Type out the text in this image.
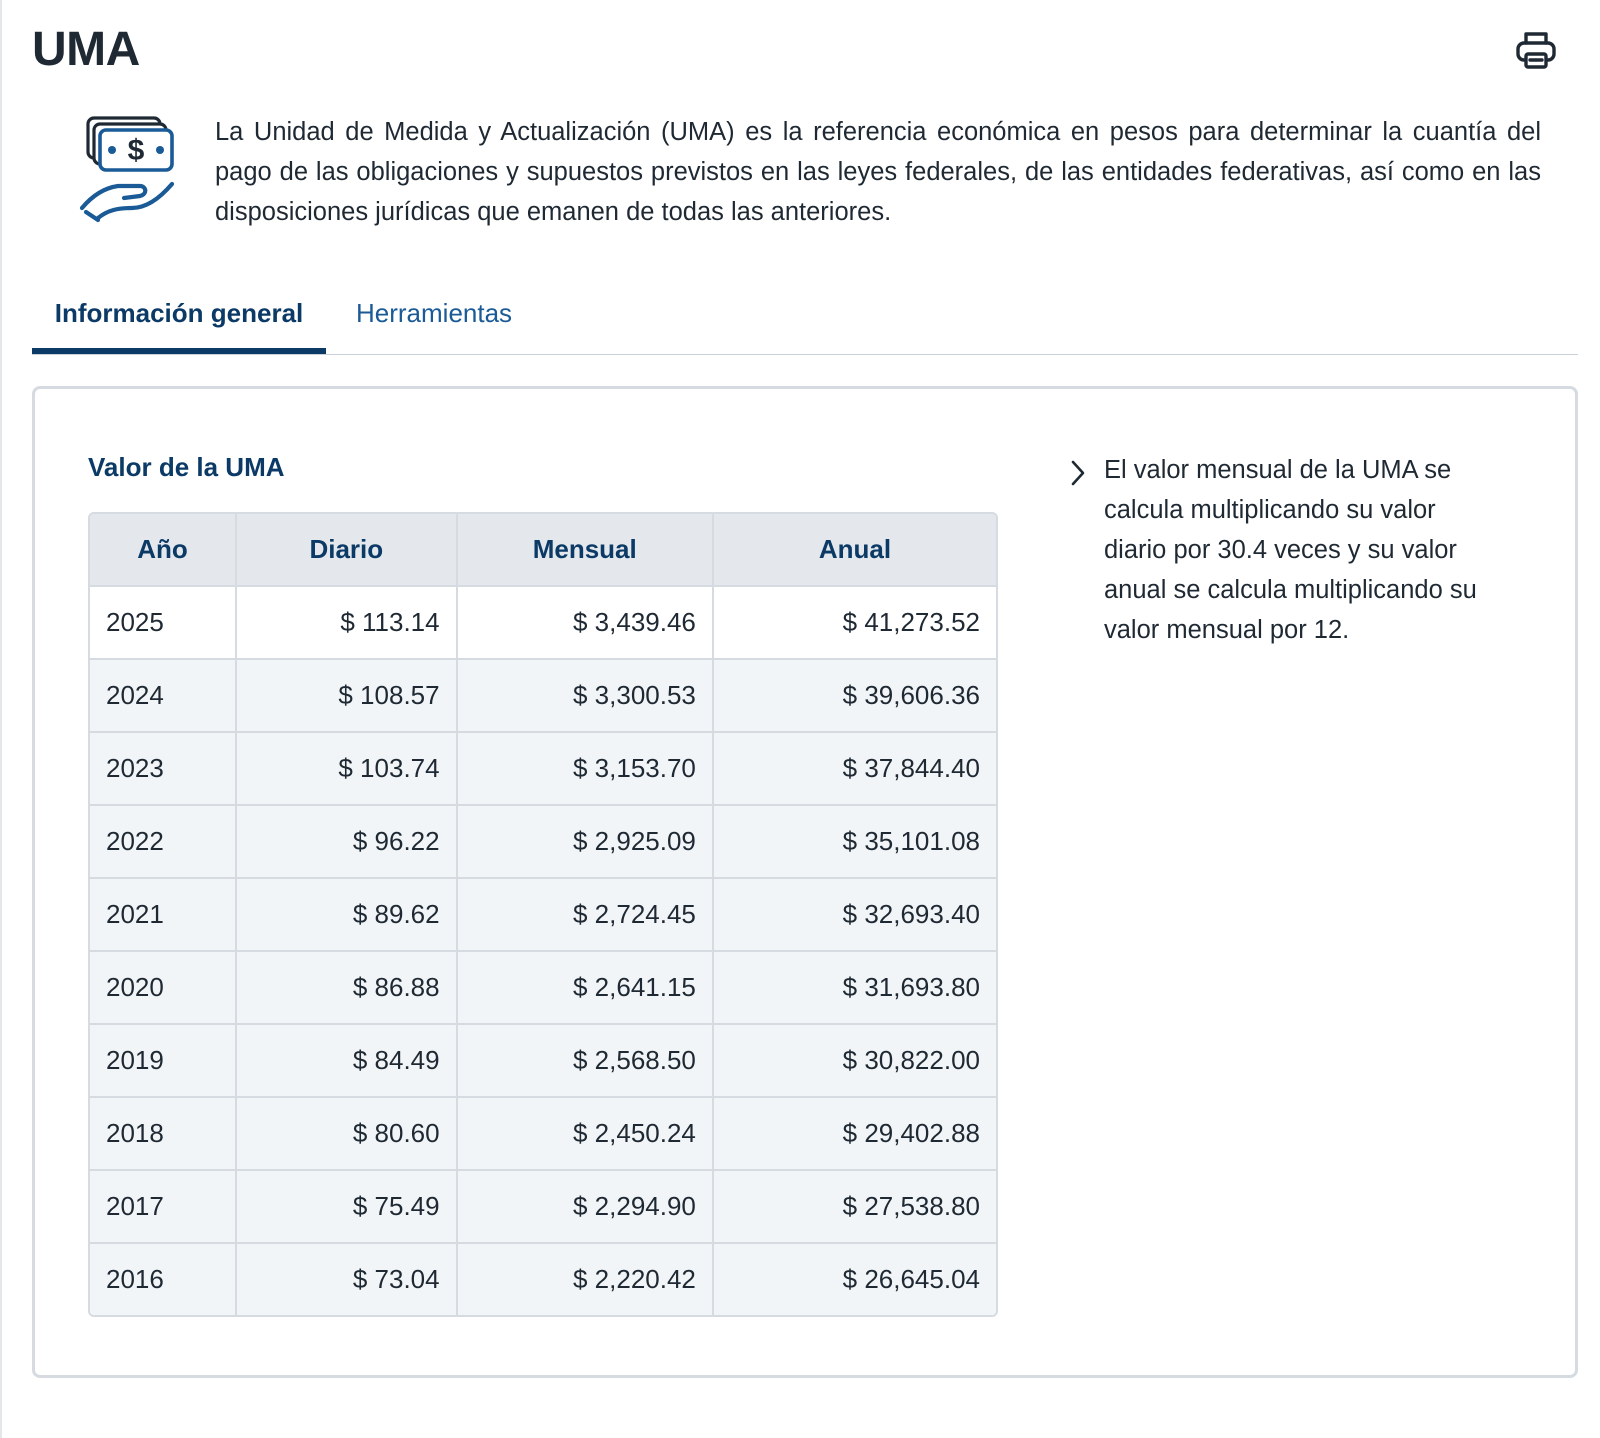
UMA
$
La Unidad de Medida y Actualización (UMA) es la referencia económica en pesos para determinar la cuantía del pago de las obligaciones y supuestos previstos en las leyes federales, de las entidades federativas, así como en las disposiciones jurídicas que emanen de todas las anteriores.
Información general	Herramientas
Valor de la UMA
Año	Diario	Mensual	Anual
2025	$ 113.14	$ 3,439.46	$ 41,273.52
2024	$ 108.57	$ 3,300.53	$ 39,606.36
2023	$ 103.74	$ 3,153.70	$ 37,844.40
2022	$ 96.22	$ 2,925.09	$ 35,101.08
2021	$ 89.62	$ 2,724.45	$ 32,693.40
2020	$ 86.88	$ 2,641.15	$ 31,693.80
2019	$ 84.49	$ 2,568.50	$ 30,822.00
2018	$ 80.60	$ 2,450.24	$ 29,402.88
2017	$ 75.49	$ 2,294.90	$ 27,538.80
2016	$ 73.04	$ 2,220.42	$ 26,645.04
El valor mensual de la UMA se calcula multiplicando su valor diario por 30.4 veces y su valor anual se calcula multiplicando su valor mensual por 12.
